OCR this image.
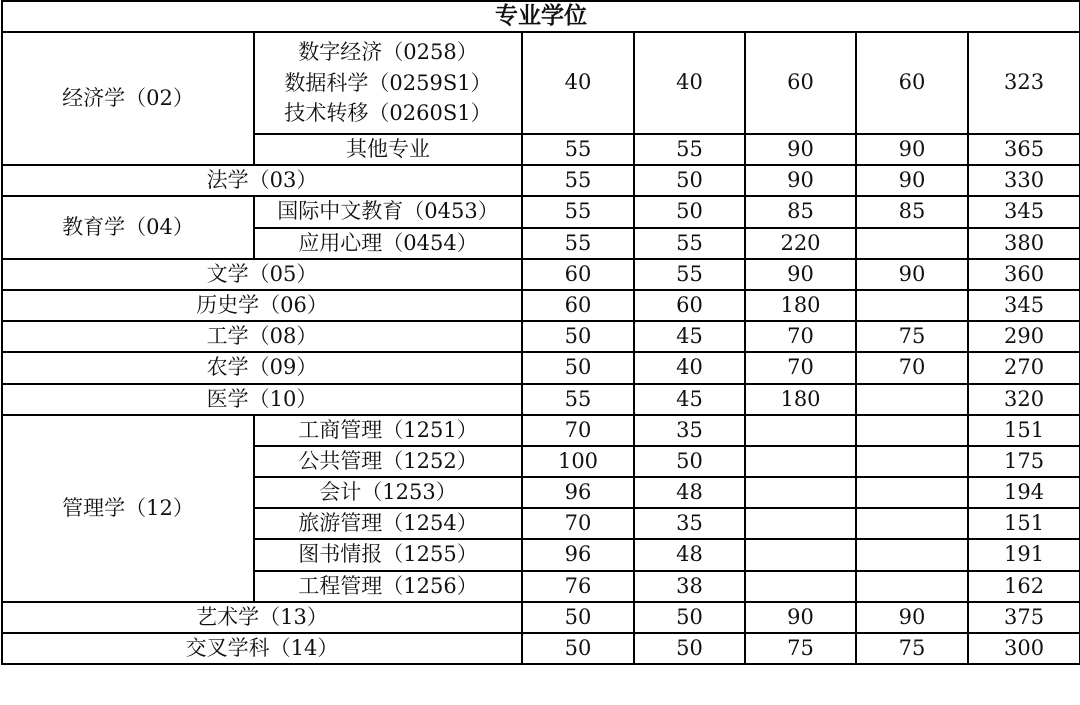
专业学位						
经济学（02）	数字经济（0258）
数据科学（0259S1）
技术转移（0260S1）	40	40	60	60	323
	其他专业	55	55	90	90	365
法学（03）		55	50	90	90	330
教育学（04）	国际中文教育（0453）	55	50	85	85	345
	应用心理（0454）	55	55	220		380
文学（05）		60	55	90	90	360
历史学（06）		60	60	180		345
工学（08）		50	45	70	75	290
农学（09）		50	40	70	70	270
医学（10）		55	45	180		320
管理学（12）	工商管理（1251）	70	35			151
	公共管理（1252）	100	50			175
	会计（1253）	96	48			194
	旅游管理（1254）	70	35			151
	图书情报（1255）	96	48			191
	工程管理（1256）	76	38			162
艺术学（13）		50	50	90	90	375
交叉学科（14）		50	50	75	75	300
